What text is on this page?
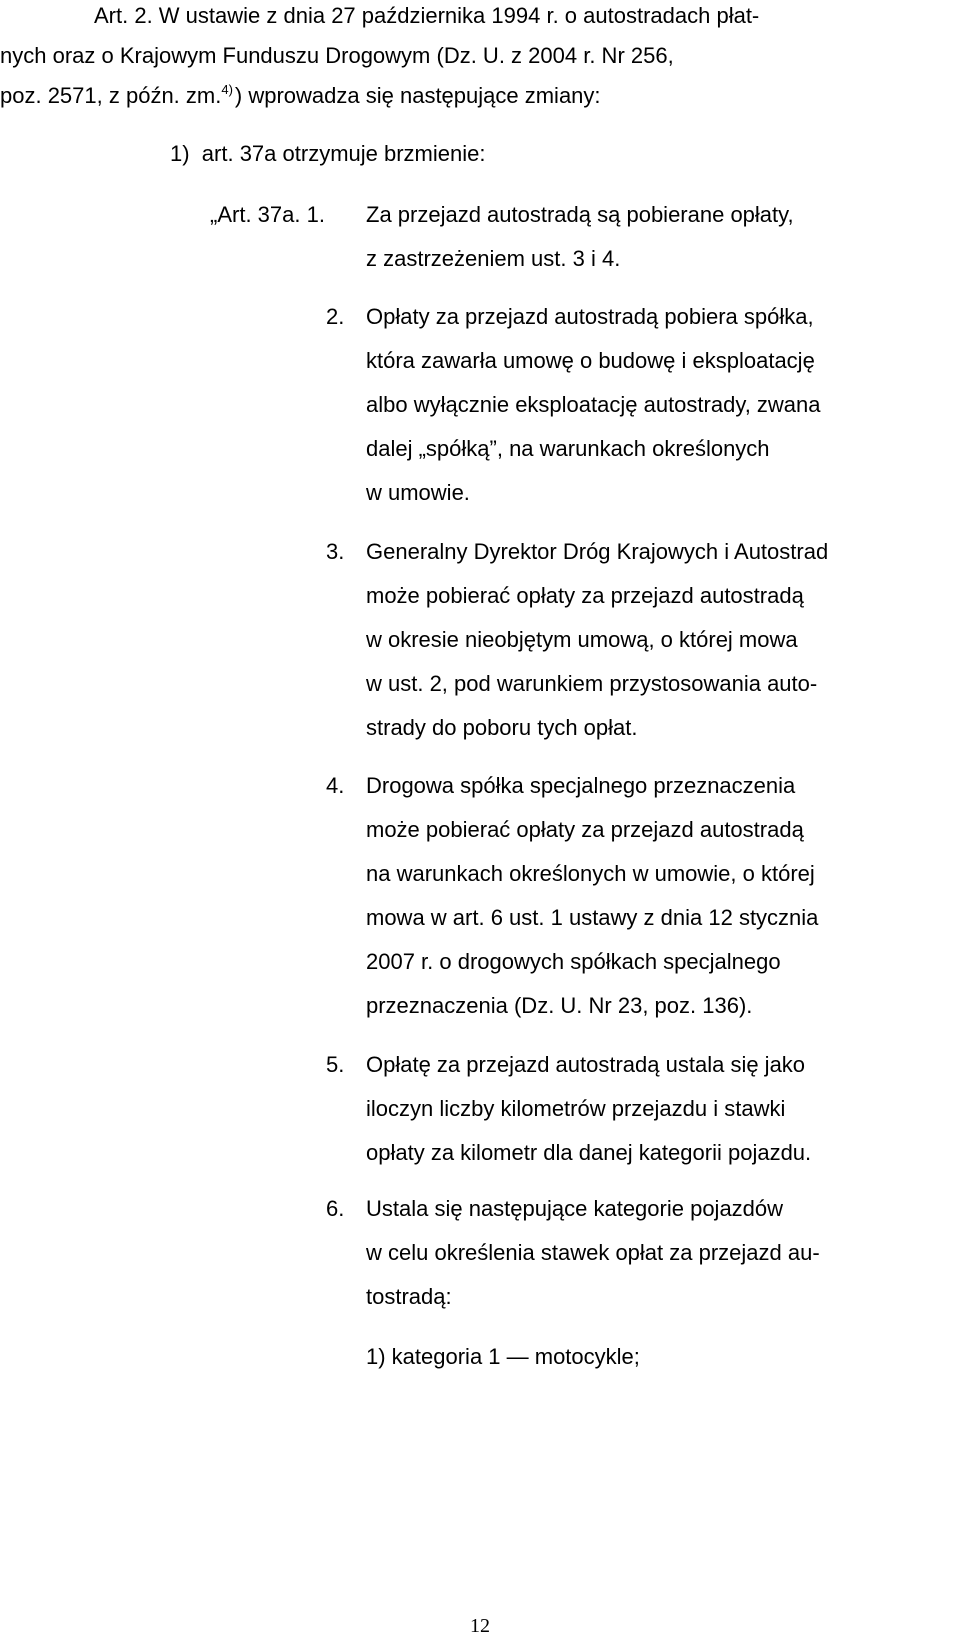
Art. 2. W ustawie z dnia 27 października 1994 r. o autostradach płat-
nych oraz o Krajowym Funduszu Drogowym (Dz. U. z 2004 r. Nr 256,
poz. 2571, z późn. zm.$^{4)}$) wprowadza się następujące zmiany:
1) art. 37a otrzymuje brzmienie:
„Art. 37a. 1. Za przejazd autostradą są pobierane opłaty,
z zastrzeżeniem ust. 3 i 4.
2. Opłaty za przejazd autostradą pobiera spółka,
która zawarła umowę o budowę i eksploatację
albo wyłącznie eksploatację autostrady, zwana
dalej „spółką”, na warunkach określonych
w umowie.
3. Generalny Dyrektor Dróg Krajowych i Autostrad
może pobierać opłaty za przejazd autostradą
w okresie nieobjętym umową, o której mowa
w ust. 2, pod warunkiem przystosowania auto-
strady do poboru tych opłat.
4. Drogowa spółka specjalnego przeznaczenia
może pobierać opłaty za przejazd autostradą
na warunkach określonych w umowie, o której
mowa w art. 6 ust. 1 ustawy z dnia 12 stycznia
2007 r. o drogowych spółkach specjalnego
przeznaczenia (Dz. U. Nr 23, poz. 136).
5. Opłatę za przejazd autostradą ustala się jako
iloczyn liczby kilometrów przejazdu i stawki
opłaty za kilometr dla danej kategorii pojazdu.
6. Ustala się następujące kategorie pojazdów
w celu określenia stawek opłat za przejazd au-
tostradą:
1) kategoria 1 — motocykle;
12
